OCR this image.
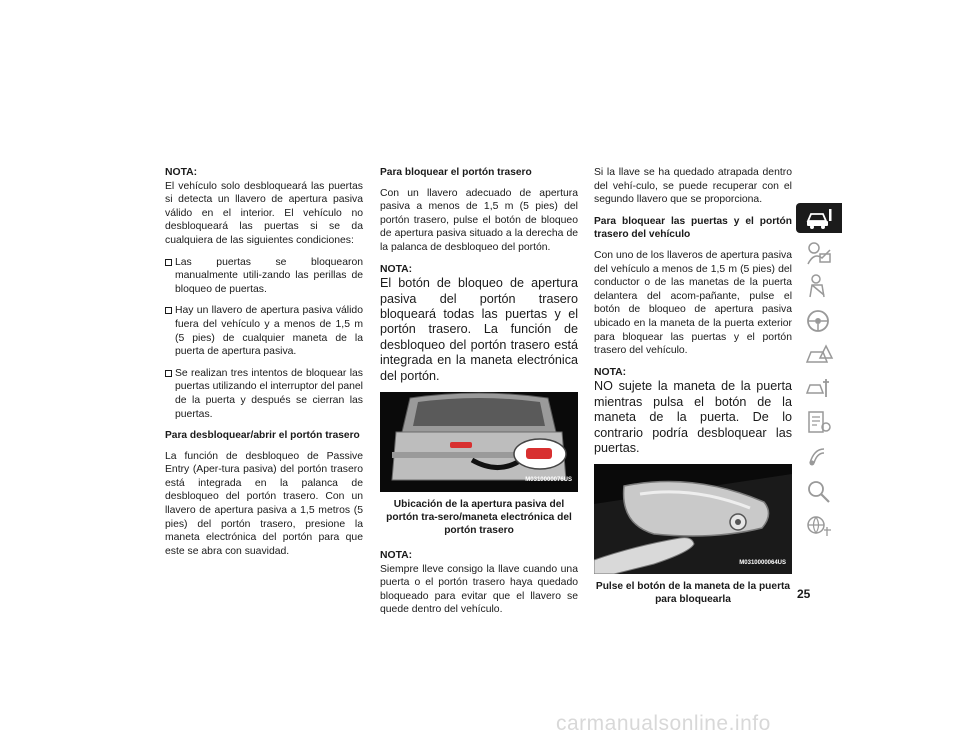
NOTA:

El vehículo solo desbloqueará las puertas si detecta un llavero de apertura pasiva válido en el interior. El vehículo no desbloqueará las puertas si se da cualquiera de las siguientes condiciones:

Las puertas se bloquearon manualmente utili-zando las perillas de bloqueo de puertas.
Hay un llavero de apertura pasiva válido fuera del vehículo y a menos de 1,5 m (5 pies) de cualquier maneta de la puerta de apertura pasiva.
Se realizan tres intentos de bloquear las puertas utilizando el interruptor del panel de la puerta y después se cierran las puertas.

Para desbloquear/abrir el portón trasero

La función de desbloqueo de Passive Entry (Aper-tura pasiva) del portón trasero está integrada en la palanca de desbloqueo del portón trasero. Con un llavero de apertura pasiva a 1,5 metros (5 pies) del portón trasero, presione la maneta electrónica del portón para que este se abra con suavidad.

Para bloquear el portón trasero

Con un llavero adecuado de apertura pasiva a menos de 1,5 m (5 pies) del portón trasero, pulse el botón de bloqueo de apertura pasiva situado a la derecha de la palanca de desbloqueo del portón.

NOTA:

El botón de bloqueo de apertura pasiva del portón trasero bloqueará todas las puertas y el portón trasero. La función de desbloqueo del portón trasero está integrada en la maneta electrónica del portón.

M0310000076US

Ubicación de la apertura pasiva del portón tra-sero/maneta electrónica del portón trasero

NOTA:

Siempre lleve consigo la llave cuando una puerta o el portón trasero haya quedado bloqueado para evitar que el llavero se quede dentro del vehículo.

Si la llave se ha quedado atrapada dentro del vehí-culo, se puede recuperar con el segundo llavero que se proporciona.

Para bloquear las puertas y el portón trasero del vehículo

Con uno de los llaveros de apertura pasiva del vehículo a menos de 1,5 m (5 pies) del conductor o de las manetas de la puerta delantera del acom-pañante, pulse el botón de bloqueo de apertura pasiva ubicado en la maneta de la puerta exterior para bloquear las puertas y el portón trasero del vehículo.

NOTA:

NO sujete la maneta de la puerta mientras pulsa el botón de la maneta de la puerta. De lo contrario podría desbloquear las puertas.

M0310000064US

Pulse el botón de la maneta de la puerta para bloquearla	25
carmanualsonline.info
